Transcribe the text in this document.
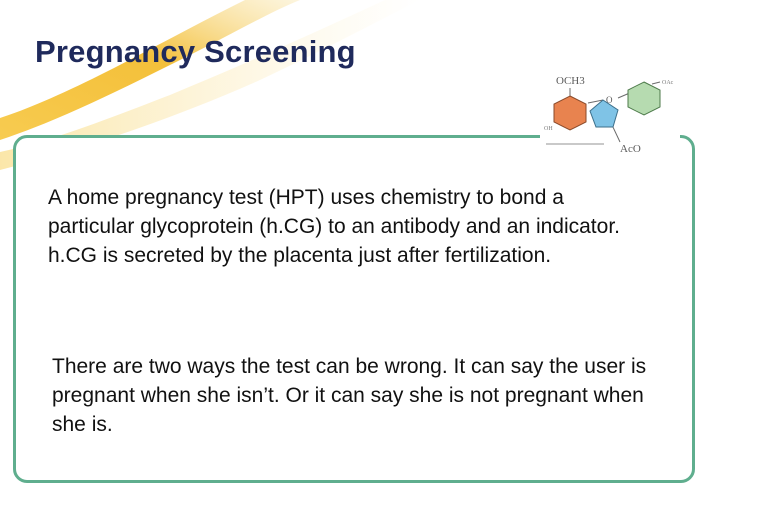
Pregnancy Screening
OCH3
O
OH
OAc
AcO

A home pregnancy test (HPT) uses chemistry to bond a particular glycoprotein (h.CG) to an antibody and an indicator. h.CG is secreted by the placenta just after fertilization.

There are two ways the test can be wrong. It can say the user is pregnant when she isn’t. Or it can say she is not pregnant when she is.
